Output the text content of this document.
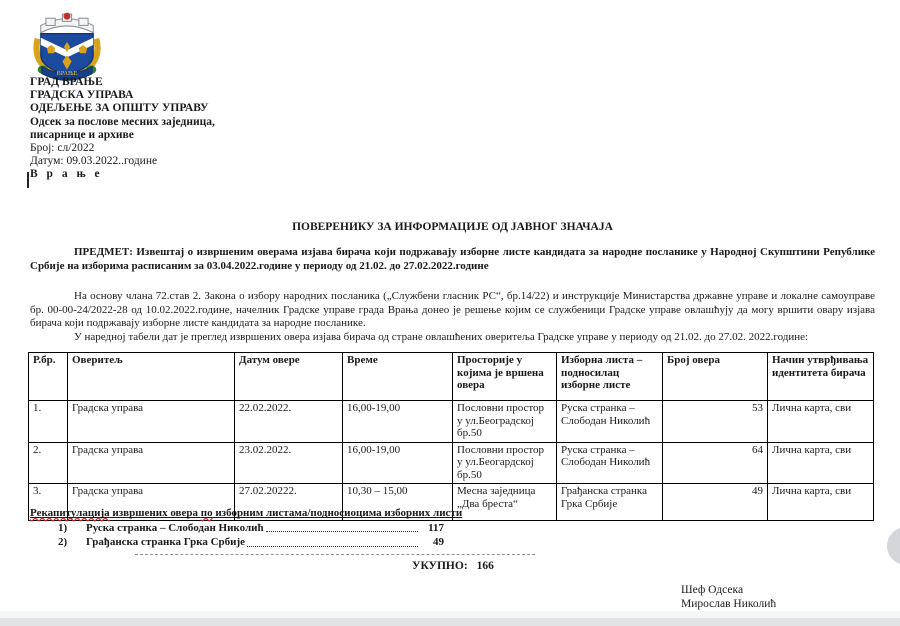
ВРАЊЕ
ГРАД ВРАЊЕ
ГРАДСКА УПРАВА
ОДЕЉЕЊЕ ЗА ОПШТУ УПРАВУ
Одсек за послове месних заједница,
писарнице и архиве
Број: сл/2022
Датум: 09.03.2022..године
В р а њ е
ПОВЕРЕНИКУ ЗА ИНФОРМАЦИЈЕ ОД ЈАВНОГ ЗНАЧАЈА

ПРЕДМЕТ: Извештај о извршеним оверама изјава бирача који подржавају изборне листе кандидата за народне посланике у Народној Скупштини Републике Србије на изборима расписаним за 03.04.2022.године у периоду од 21.02. до 27.02.2022.године

На основу члана 72.став 2. Закона о избору народних посланика („Службени гласник РС“, бр.14/22) и инструкције Министарства државне управе и локалне самоуправе бр. 00-00-24/2022-28 од 10.02.2022.године, начелник Градске управе града Врања донео је решење којим се службеници Градске управе овлашћују да могу вршити овару изјава бирача који подржавају изборне листе кандидата за народне посланике.

У наредној табели дат је преглед извршених овера изјава бирача од стране овлашћених оверитеља Градске управе у периоду од 21.02. до 27.02. 2022.године:

Р.бр.	Оверитељ	Датум овере	Време	Просторије у којима је вршена овера	Изборна листа – подносилац изборне листе	Број овера	Начин утврђивања идентитета бирача
1.	Градска управа	22.02.2022.	16,00-19,00	Пословни простор у ул.Београдској бр.50	Руска странка – Слободан Николић	53	Лична карта, сви
2.	Градска управа	23.02.2022.	16,00-19,00	Пословни простор у ул.Беогардској бр.50	Руска странка – Слободан Николић	64	Лична карта, сви
3.	Градска управа	27.02.20222.	10,30 – 15,00	Месна заједница „Два бреста“	Грађанска странка Грка Србије	49	Лична карта, сви
Рекапитулација извршених овера по изборним листама/подносиоцима изборних листи
1)	Руска странка – Слободан Николић	117
2)	Грађанска странка Грка Србије	49
УКУПНО: 166
Шеф Одсека
Мирослав Николић
